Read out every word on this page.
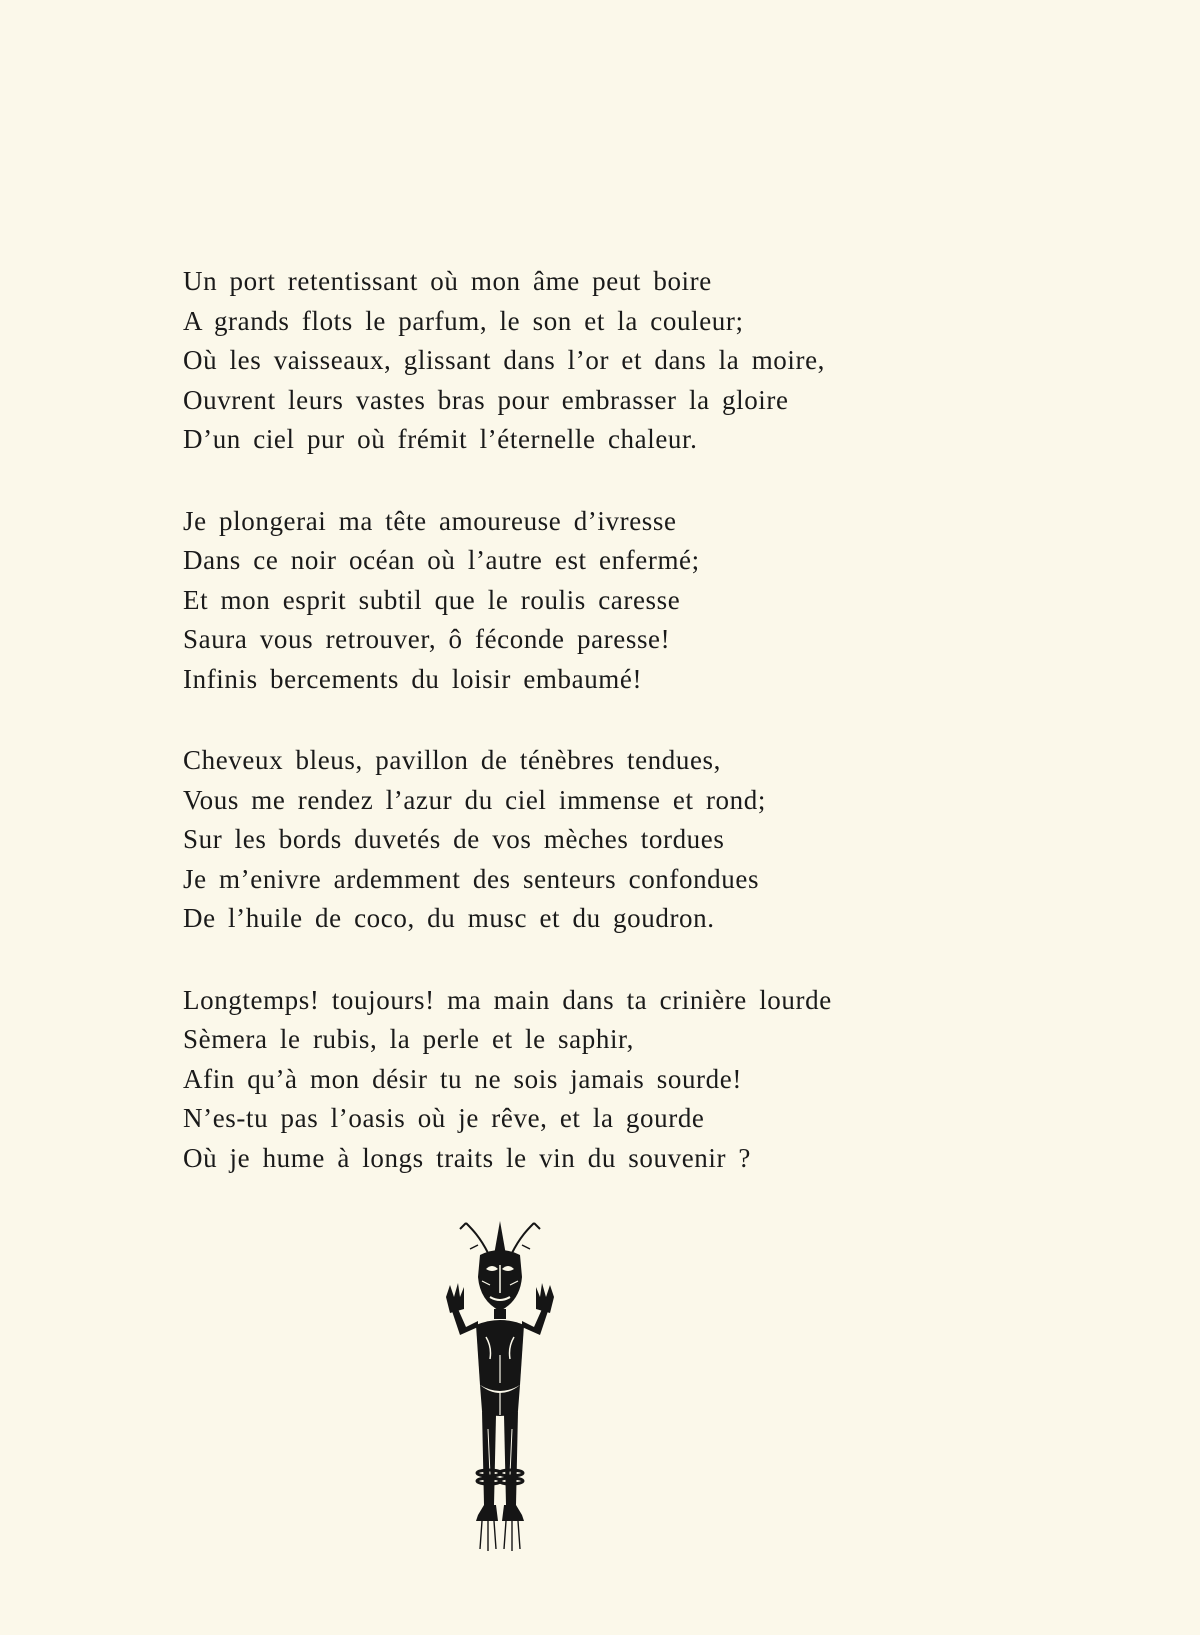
Un port retentissant où mon âme peut boire
A grands flots le parfum, le son et la couleur;
Où les vaisseaux, glissant dans l’or et dans la moire,
Ouvrent leurs vastes bras pour embrasser la gloire
D’un ciel pur où frémit l’éternelle chaleur.
Je plongerai ma tête amoureuse d’ivresse
Dans ce noir océan où l’autre est enfermé;
Et mon esprit subtil que le roulis caresse
Saura vous retrouver, ô féconde paresse!
Infinis bercements du loisir embaumé!
Cheveux bleus, pavillon de ténèbres tendues,
Vous me rendez l’azur du ciel immense et rond;
Sur les bords duvetés de vos mèches tordues
Je m’enivre ardemment des senteurs confondues
De l’huile de coco, du musc et du goudron.
Longtemps! toujours! ma main dans ta crinière lourde
Sèmera le rubis, la perle et le saphir,
Afin qu’à mon désir tu ne sois jamais sourde!
N’es-tu pas l’oasis où je rêve, et la gourde
Où je hume à longs traits le vin du souvenir ?
